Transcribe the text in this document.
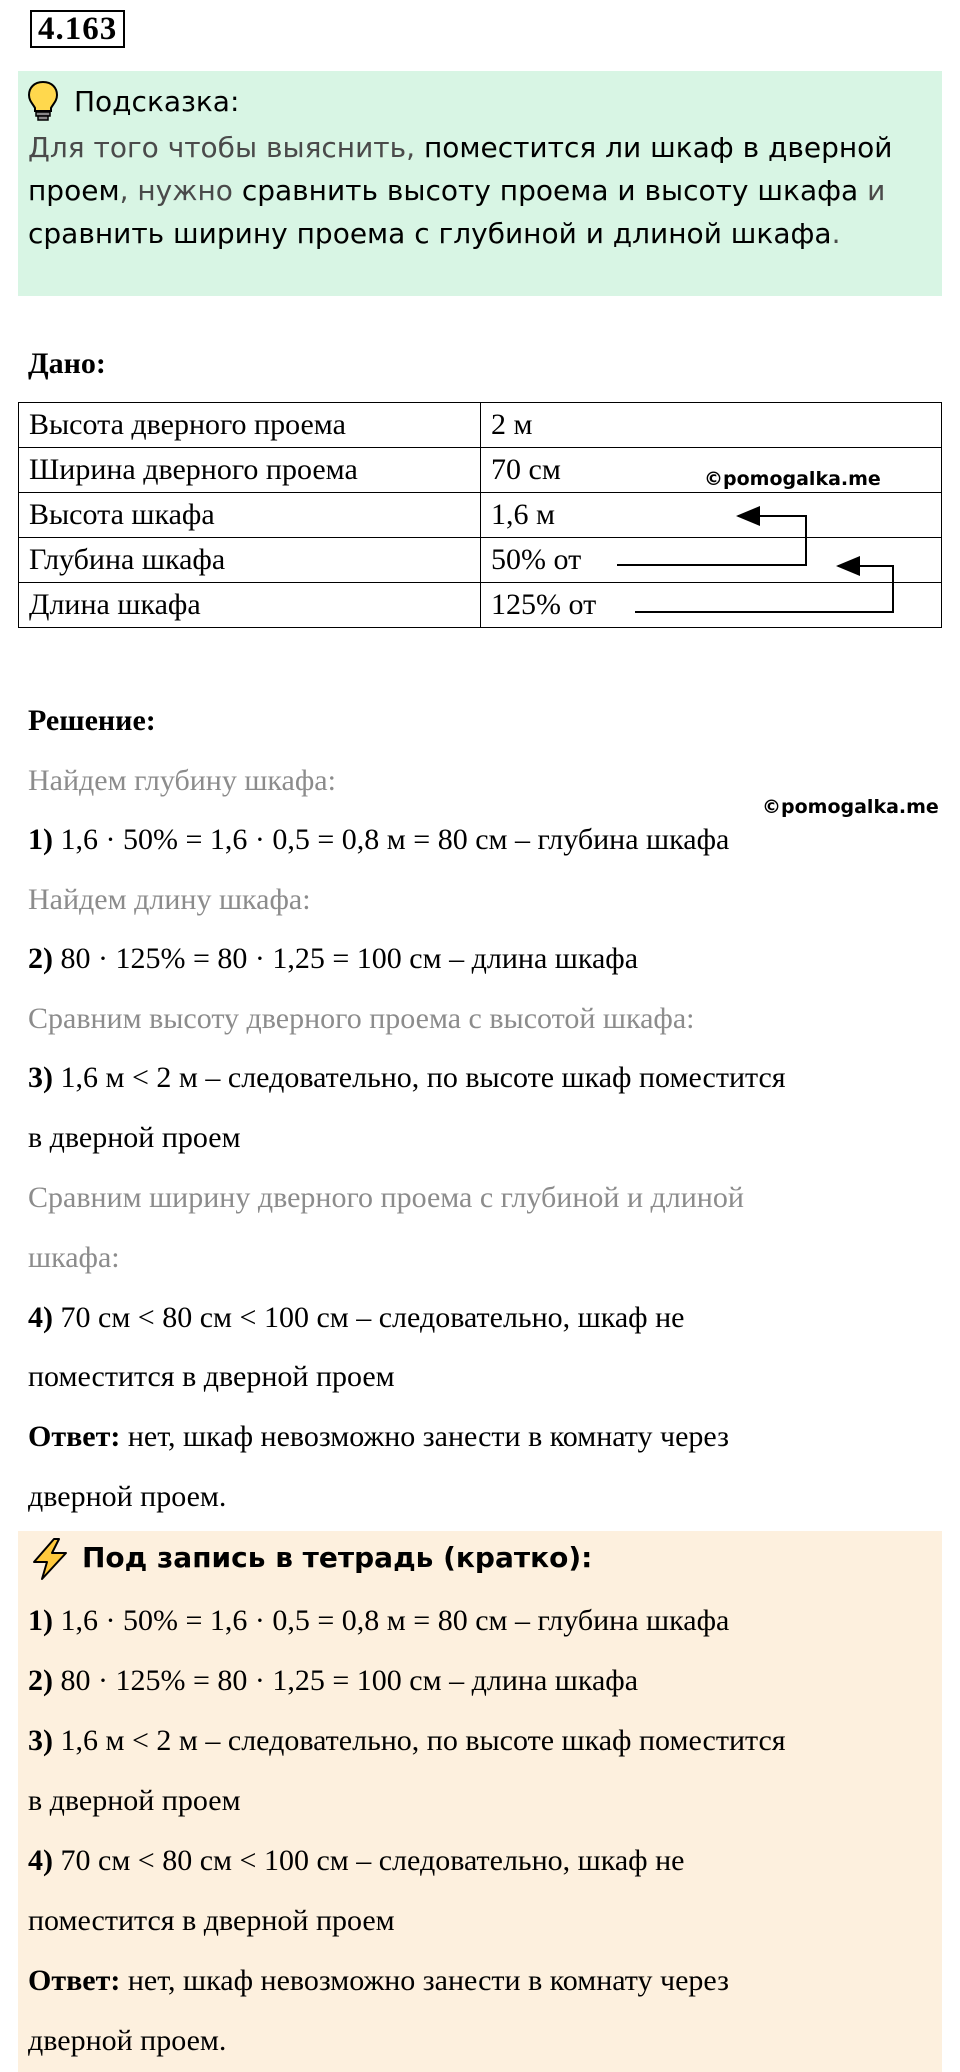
4.163
Подсказка:
Для того чтобы выяснить, поместится ли шкаф в дверной проем, нужно сравнить высоту проема и высоту шкафа и сравнить ширину проема с глубиной и длиной шкафа.
Дано:
Высота дверного проема	2 м
Ширина дверного проема	70 см
Высота шкафа	1,6 м
Глубина шкафа	50% от
Длина шкафа	125% от
©pomogalka.me
©pomogalka.me
Решение:
Найдем глубину шкафа:
1) 1,6 · 50% = 1,6 · 0,5 = 0,8 м = 80 см – глубина шкафа
Найдем длину шкафа:
2) 80 · 125% = 80 · 1,25 = 100 см – длина шкафа
Сравним высоту дверного проема с высотой шкафа:
3) 1,6 м < 2 м – следовательно, по высоте шкаф поместится
в дверной проем
Сравним ширину дверного проема с глубиной и длиной
шкафа:
4) 70 см < 80 см < 100 см – следовательно, шкаф не
поместится в дверной проем
Ответ: нет, шкаф невозможно занести в комнату через
дверной проем.
Под запись в тетрадь (кратко):
1) 1,6 · 50% = 1,6 · 0,5 = 0,8 м = 80 см – глубина шкафа
2) 80 · 125% = 80 · 1,25 = 100 см – длина шкафа
3) 1,6 м < 2 м – следовательно, по высоте шкаф поместится
в дверной проем
4) 70 см < 80 см < 100 см – следовательно, шкаф не
поместится в дверной проем
Ответ: нет, шкаф невозможно занести в комнату через
дверной проем.
